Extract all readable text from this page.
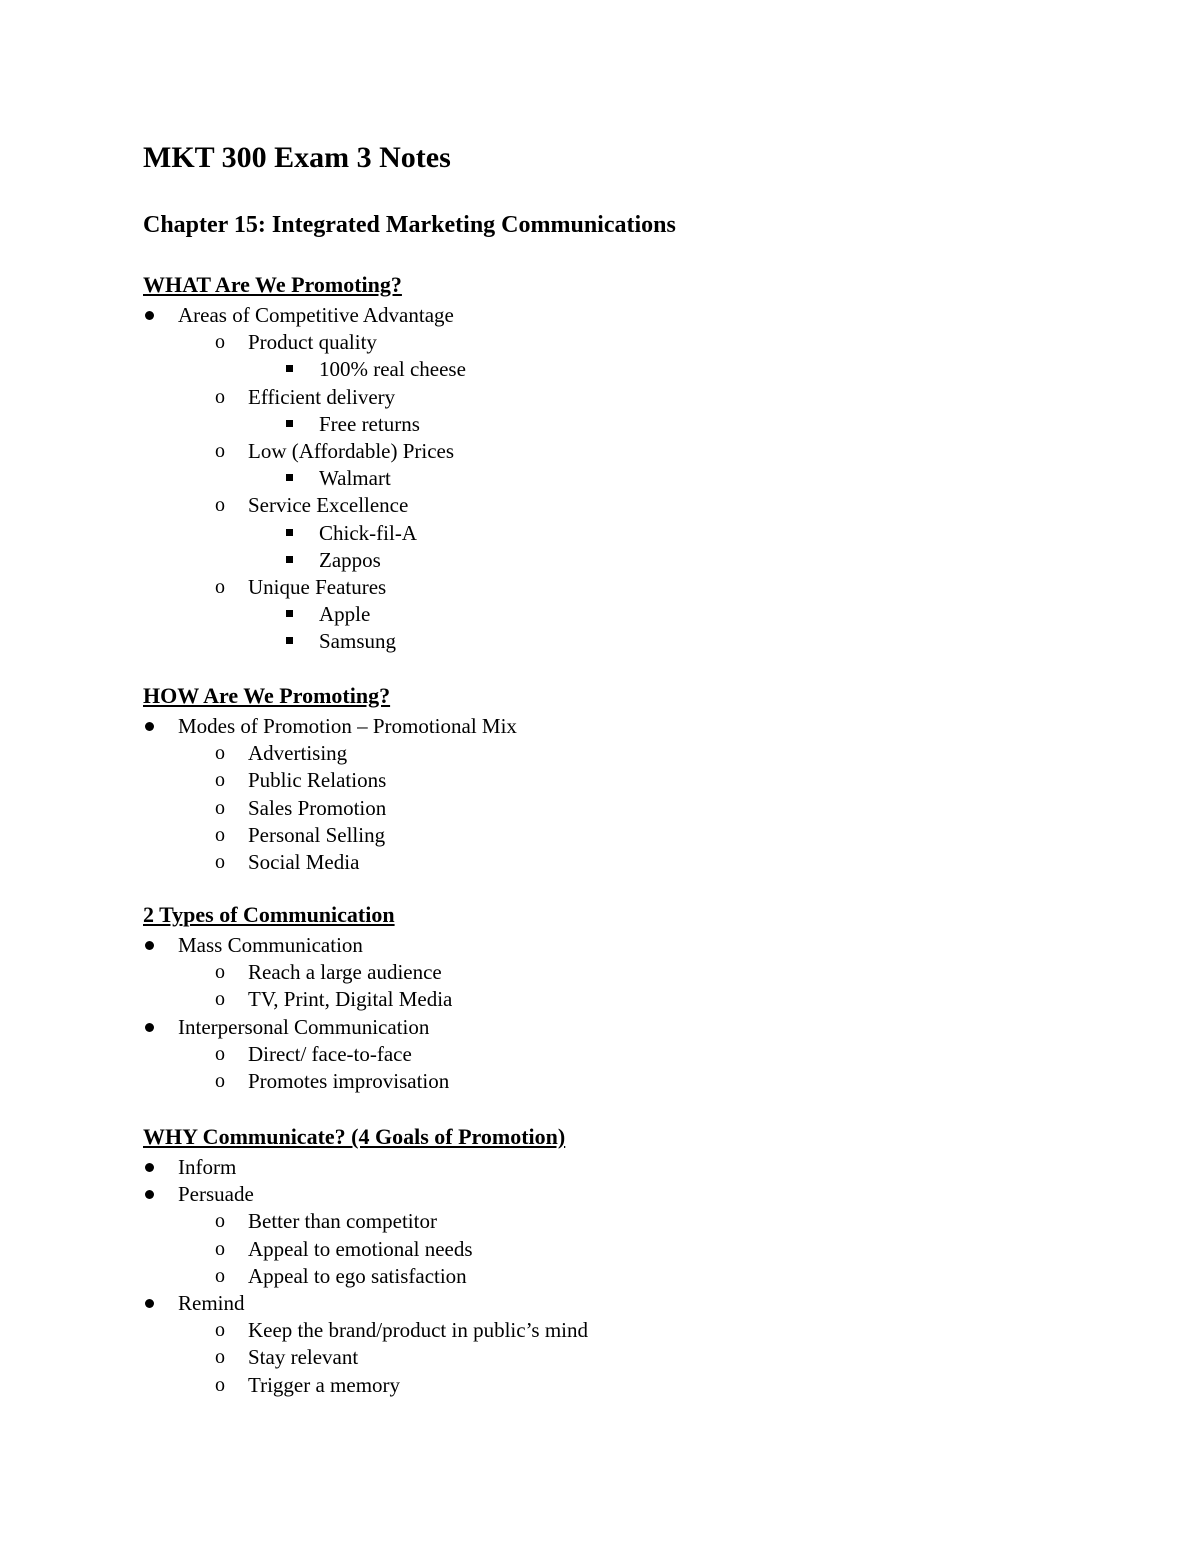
MKT 300 Exam 3 Notes
Chapter 15: Integrated Marketing Communications
WHAT Are We Promoting?
Areas of Competitive Advantage
o Product quality
100% real cheese
o Efficient delivery
Free returns
o Low (Affordable) Prices
Walmart
o Service Excellence
Chick-fil-A
Zappos
o Unique Features
Apple
Samsung
HOW Are We Promoting?
Modes of Promotion – Promotional Mix
o Advertising
o Public Relations
o Sales Promotion
o Personal Selling
o Social Media
2 Types of Communication
Mass Communication
o Reach a large audience
o TV, Print, Digital Media
Interpersonal Communication
o Direct/ face-to-face
o Promotes improvisation
WHY Communicate? (4 Goals of Promotion)
Inform
Persuade
o Better than competitor
o Appeal to emotional needs
o Appeal to ego satisfaction
Remind
o Keep the brand/product in public’s mind
o Stay relevant
o Trigger a memory
